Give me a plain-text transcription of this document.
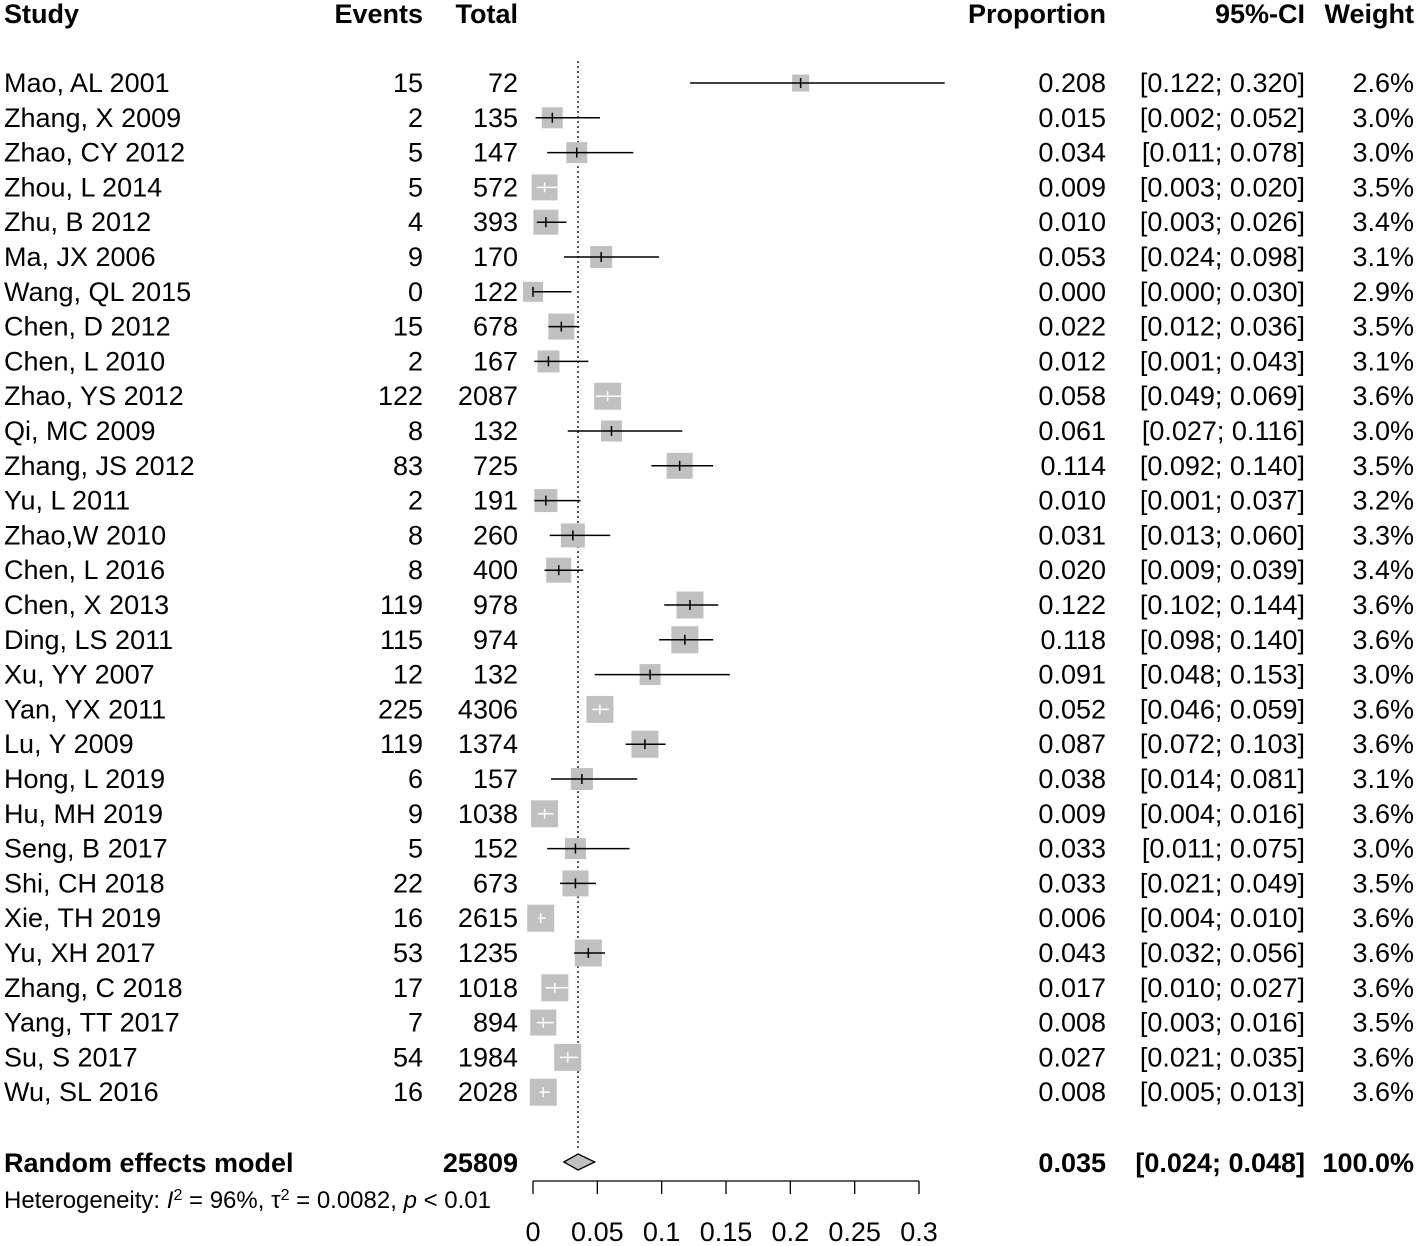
Study	Events Total	Proportion	95%-CI Weight
Mao, AL 2001	15 72	0.208 [0.122; 0.320] 2.6%
Zhang, X 2009	2 135	0.015 [0.002; 0.052] 3.0%
Zhao, CY 2012	5 147	0.034 [0.011; 0.078] 3.0%
Zhou, L 2014	5 572	0.009 [0.003; 0.020] 3.5%
Zhu, B 2012	4 393	0.010 [0.003; 0.026] 3.4%
Ma, JX 2006	9 170	0.053 [0.024; 0.098] 3.1%
Wang, QL 2015	0 122	0.000 [0.000; 0.030] 2.9%
Chen, D 2012	15 678	0.022 [0.012; 0.036] 3.5%
Chen, L 2010	2 167	0.012 [0.001; 0.043] 3.1%
Zhao, YS 2012	122 2087	0.058 [0.049; 0.069] 3.6%
Qi, MC 2009	8 132	0.061 [0.027; 0.116] 3.0%
Zhang, JS 2012	83 725	0.114 [0.092; 0.140] 3.5%
Yu, L 2011	2 191	0.010 [0.001; 0.037] 3.2%
Zhao,W 2010	8 260	0.031 [0.013; 0.060] 3.3%
Chen, L 2016	8 400	0.020 [0.009; 0.039] 3.4%
Chen, X 2013	119 978	0.122 [0.102; 0.144] 3.6%
Ding, LS 2011	115 974	0.118 [0.098; 0.140] 3.6%
Xu, YY 2007	12 132	0.091 [0.048; 0.153] 3.0%
Yan, YX 2011	225 4306	0.052 [0.046; 0.059] 3.6%
Lu, Y 2009	119 1374	0.087 [0.072; 0.103] 3.6%
Hong, L 2019	6 157	0.038 [0.014; 0.081] 3.1%
Hu, MH 2019	9 1038	0.009 [0.004; 0.016] 3.6%
Seng, B 2017	5 152	0.033 [0.011; 0.075] 3.0%
Shi, CH 2018	22 673	0.033 [0.021; 0.049] 3.5%
Xie, TH 2019	16 2615	0.006 [0.004; 0.010] 3.6%
Yu, XH 2017	53 1235	0.043 [0.032; 0.056] 3.6%
Zhang, C 2018	17 1018	0.017 [0.010; 0.027] 3.6%
Yang, TT 2017	7 894	0.008 [0.003; 0.016] 3.5%
Su, S 2017	54 1984	0.027 [0.021; 0.035] 3.6%
Wu, SL 2016	16 2028	0.008 [0.005; 0.013] 3.6%
Random effects model	25809	0.035 [0.024; 0.048] 100.0%
Heterogeneity: $I^2 = 96\%$, $\tau^2 = 0.0082$, p < 0.01
0 0.05 0.1 0.15 0.2 0.25 0.3
